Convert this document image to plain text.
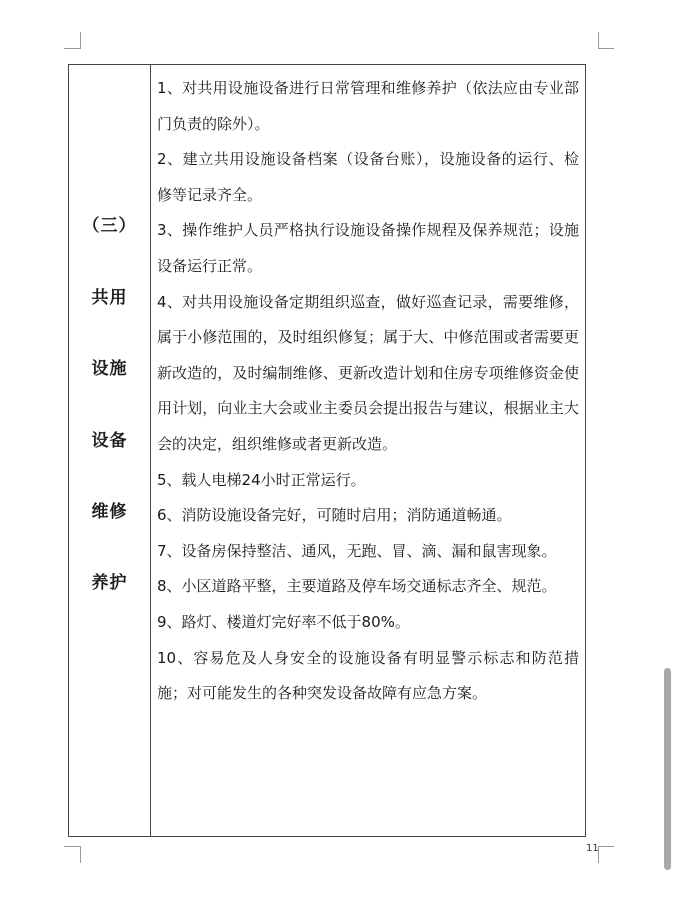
（三）
共用
设施
设备
维修
养护

1、对共用设施设备进行日常管理和维修养护（依法应由专业部门负责的除外）。

2、建立共用设施设备档案（设备台账），设施设备的运行、检修等记录齐全。

3、操作维护人员严格执行设施设备操作规程及保养规范；设施设备运行正常。

4、对共用设施设备定期组织巡查，做好巡查记录，需要维修，属于小修范围的，及时组织修复；属于大、中修范围或者需要更新改造的，及时编制维修、更新改造计划和住房专项维修资金使用计划，向业主大会或业主委员会提出报告与建议，根据业主大会的决定，组织维修或者更新改造。

5、载人电梯24小时正常运行。

6、消防设施设备完好，可随时启用；消防通道畅通。

7、设备房保持整洁、通风，无跑、冒、滴、漏和鼠害现象。

8、小区道路平整，主要道路及停车场交通标志齐全、规范。

9、路灯、楼道灯完好率不低于80%。

10、容易危及人身安全的设施设备有明显警示标志和防范措施；对可能发生的各种突发设备故障有应急方案。

11
